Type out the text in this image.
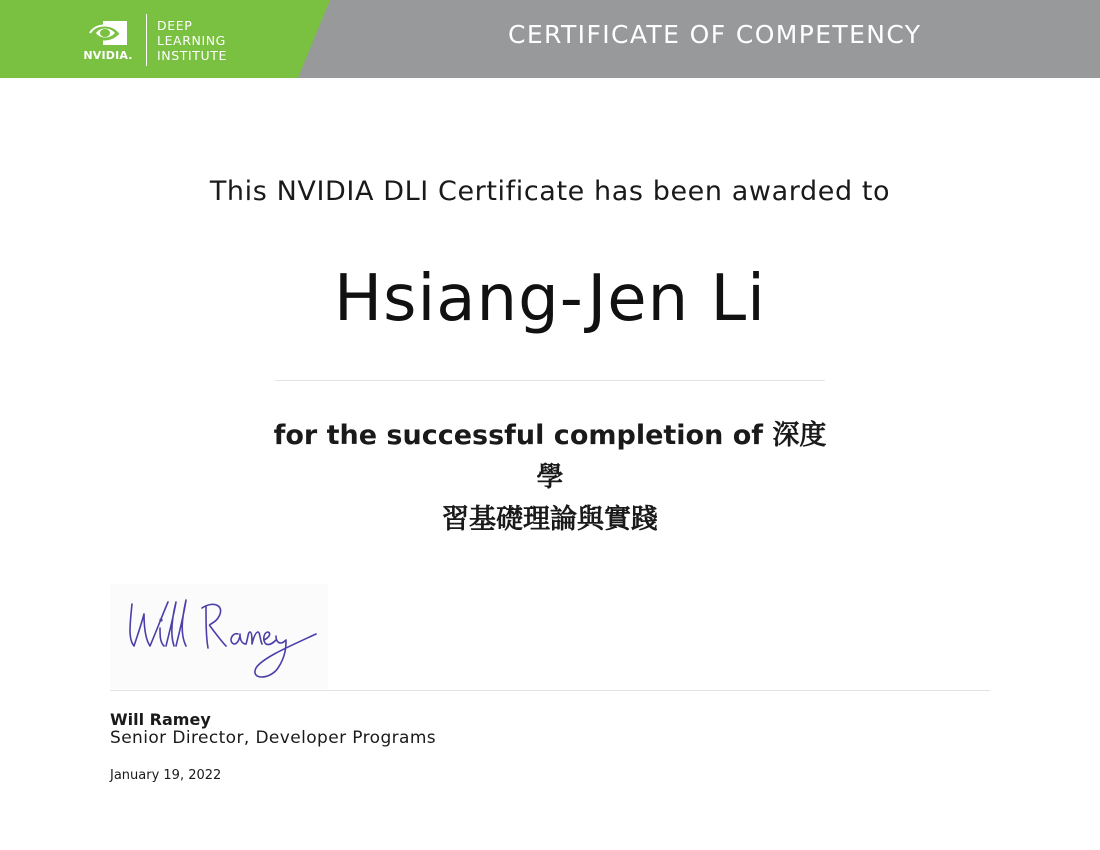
NVIDIA.
DEEP
LEARNING
INSTITUTE
CERTIFICATE OF COMPETENCY
This NVIDIA DLI Certificate has been awarded to
Hsiang-Jen Li
for the successful completion of 深度學
習基礎理論與實踐
Will Ramey
Senior Director, Developer Programs
January 19, 2022
